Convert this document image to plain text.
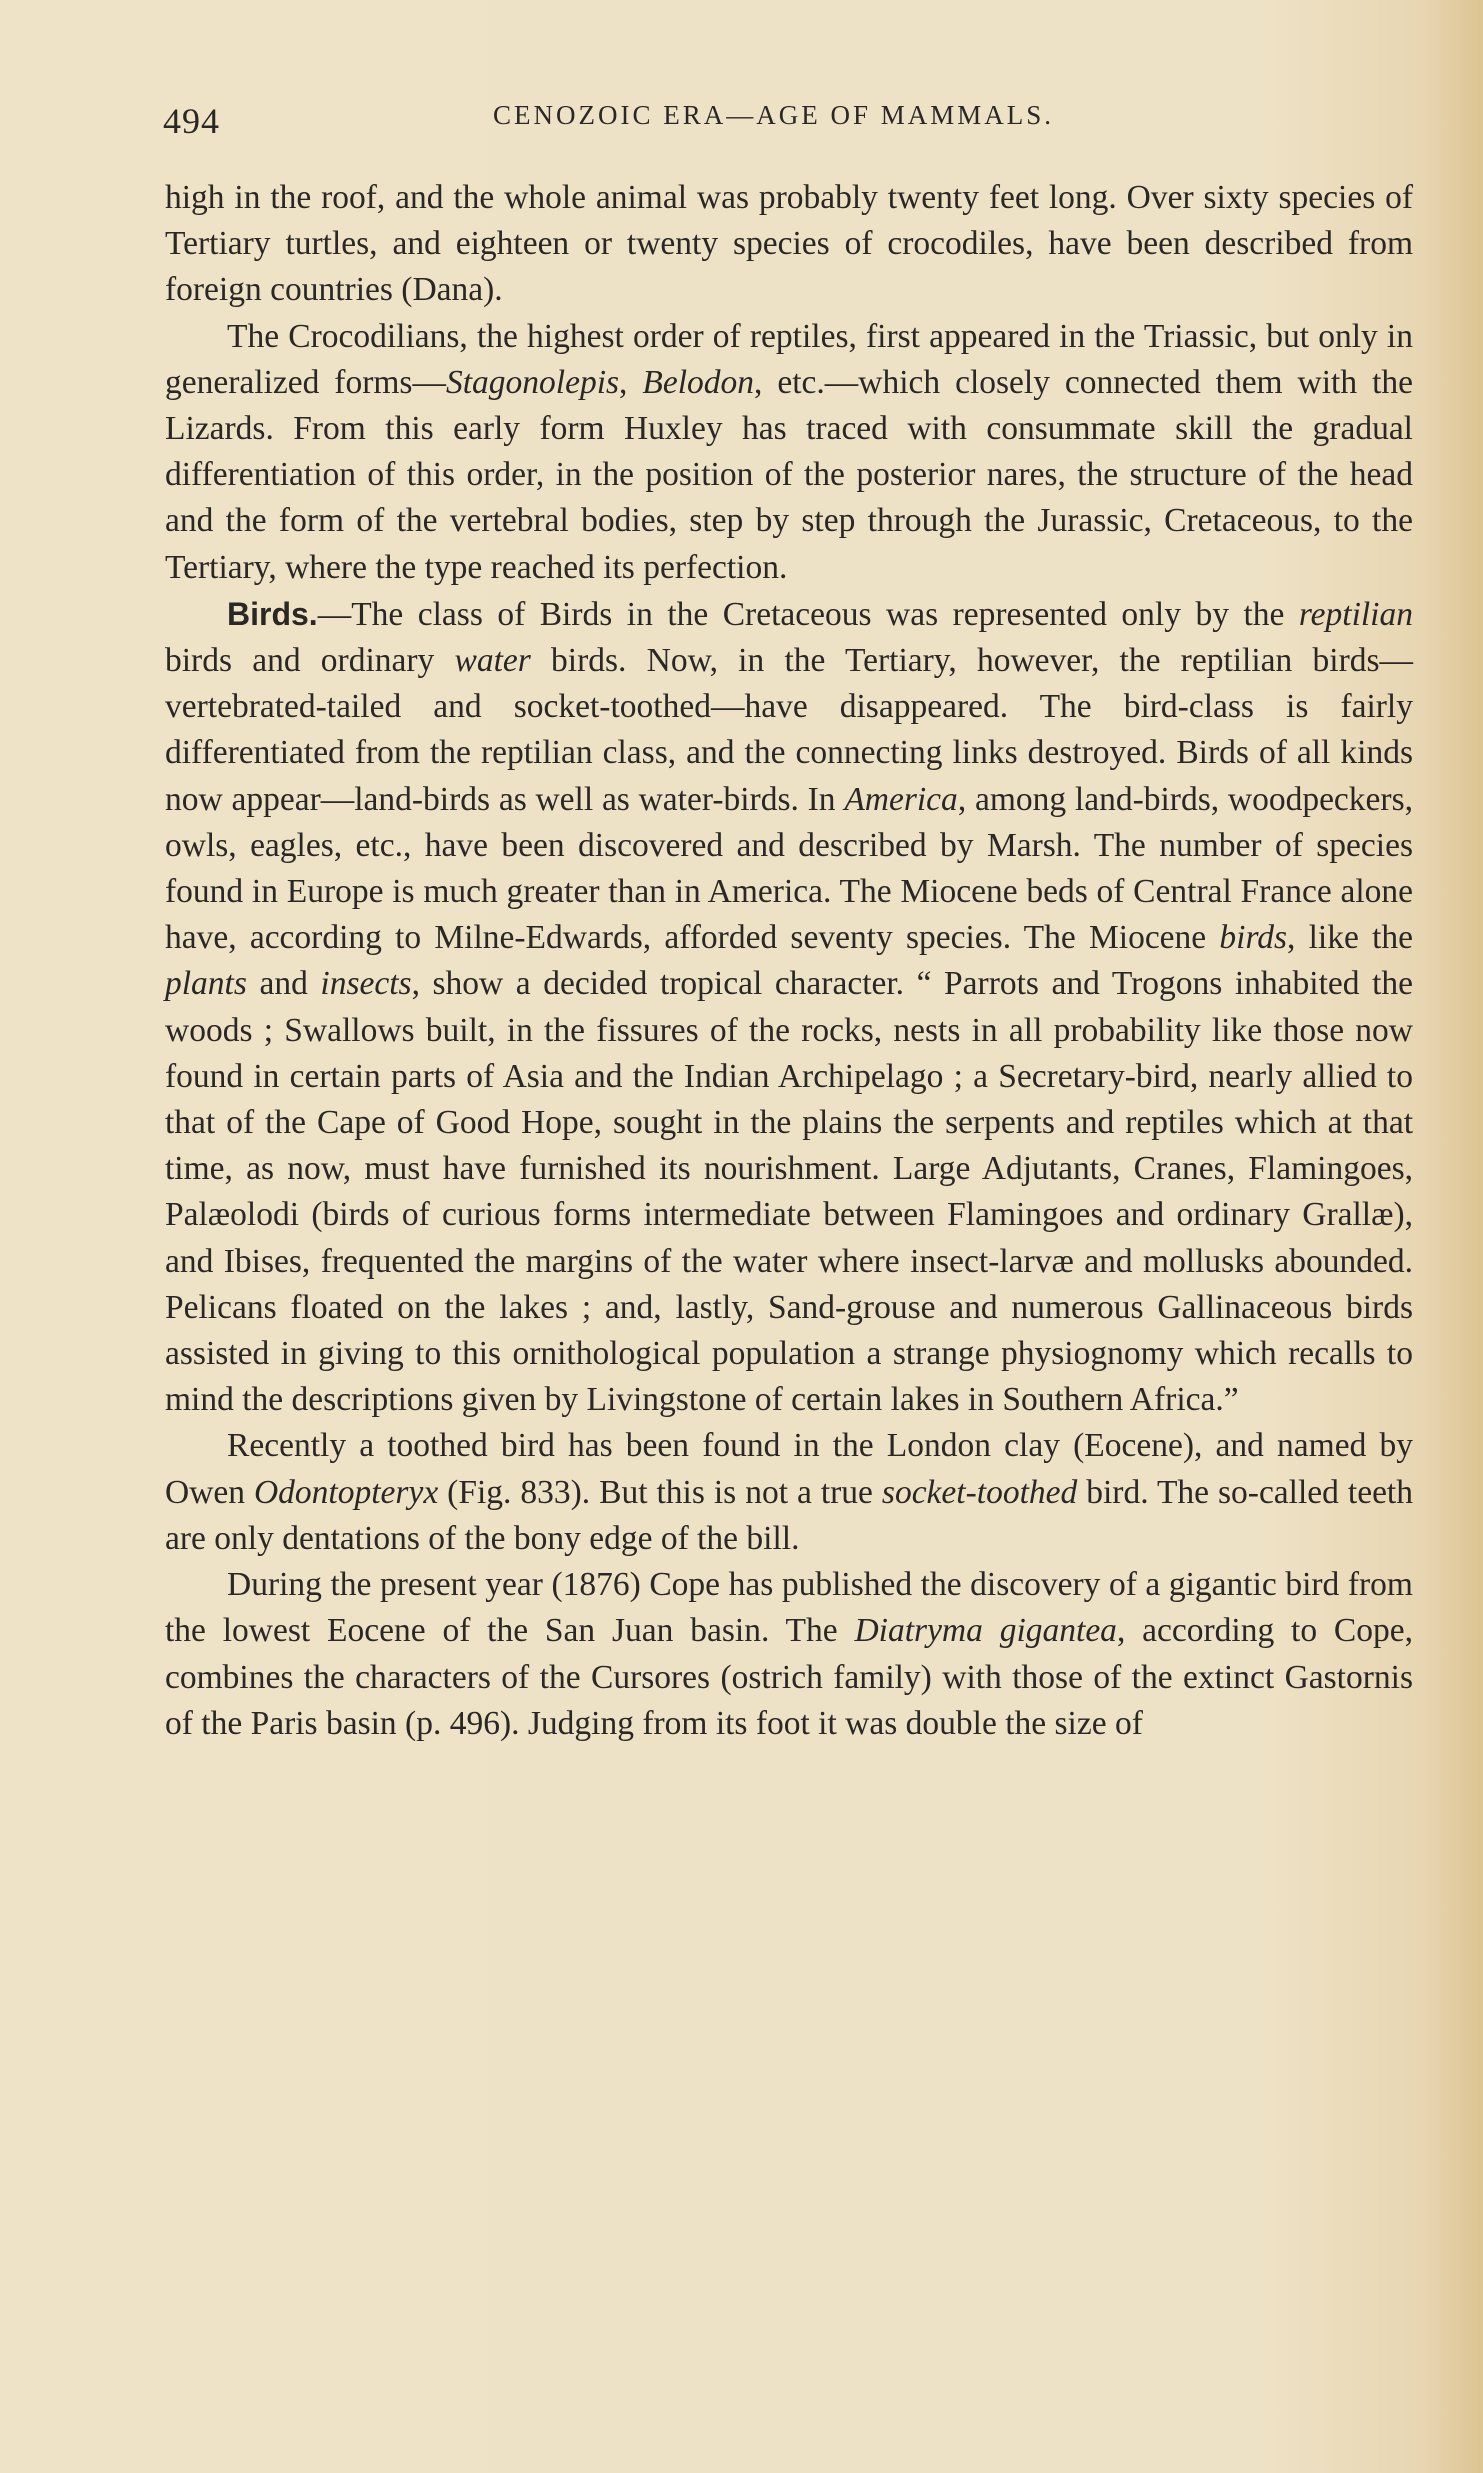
494	CENOZOIC ERA—AGE OF MAMMALS.

high in the roof, and the whole animal was probably twenty feet long. Over sixty species of Tertiary turtles, and eighteen or twenty species of crocodiles, have been described from foreign countries (Dana).

The Crocodilians, the highest order of reptiles, first appeared in the Triassic, but only in generalized forms—Stagonolepis, Belodon, etc.—which closely connected them with the Lizards. From this early form Huxley has traced with consummate skill the gradual differentiation of this order, in the position of the posterior nares, the structure of the head and the form of the vertebral bodies, step by step through the Jurassic, Cretaceous, to the Tertiary, where the type reached its perfection.

Birds.—The class of Birds in the Cretaceous was represented only by the reptilian birds and ordinary water birds. Now, in the Tertiary, however, the reptilian birds—vertebrated-tailed and socket-toothed—have disappeared. The bird-class is fairly differentiated from the reptilian class, and the connecting links destroyed. Birds of all kinds now appear—land-birds as well as water-birds. In America, among land-birds, woodpeckers, owls, eagles, etc., have been discovered and described by Marsh. The number of species found in Europe is much greater than in America. The Miocene beds of Central France alone have, according to Milne-Edwards, afforded seventy species. The Miocene birds, like the plants and insects, show a decided tropical character. “ Parrots and Trogons inhabited the woods ; Swallows built, in the fissures of the rocks, nests in all probability like those now found in certain parts of Asia and the Indian Archipelago ; a Secretary-bird, nearly allied to that of the Cape of Good Hope, sought in the plains the serpents and reptiles which at that time, as now, must have furnished its nourishment. Large Adjutants, Cranes, Flamingoes, Palæolodi (birds of curious forms intermediate between Flamingoes and ordinary Grallæ), and Ibises, frequented the margins of the water where insect-larvæ and mollusks abounded. Pelicans floated on the lakes ; and, lastly, Sand-grouse and numerous Gallinaceous birds assisted in giving to this ornithological population a strange physiognomy which recalls to mind the descriptions given by Livingstone of certain lakes in Southern Africa.”

Recently a toothed bird has been found in the London clay (Eocene), and named by Owen Odontopteryx (Fig. 833). But this is not a true socket-toothed bird. The so-called teeth are only dentations of the bony edge of the bill.

During the present year (1876) Cope has published the discovery of a gigantic bird from the lowest Eocene of the San Juan basin. The Diatryma gigantea, according to Cope, combines the characters of the Cursores (ostrich family) with those of the extinct Gastornis of the Paris basin (p. 496). Judging from its foot it was double the size of
